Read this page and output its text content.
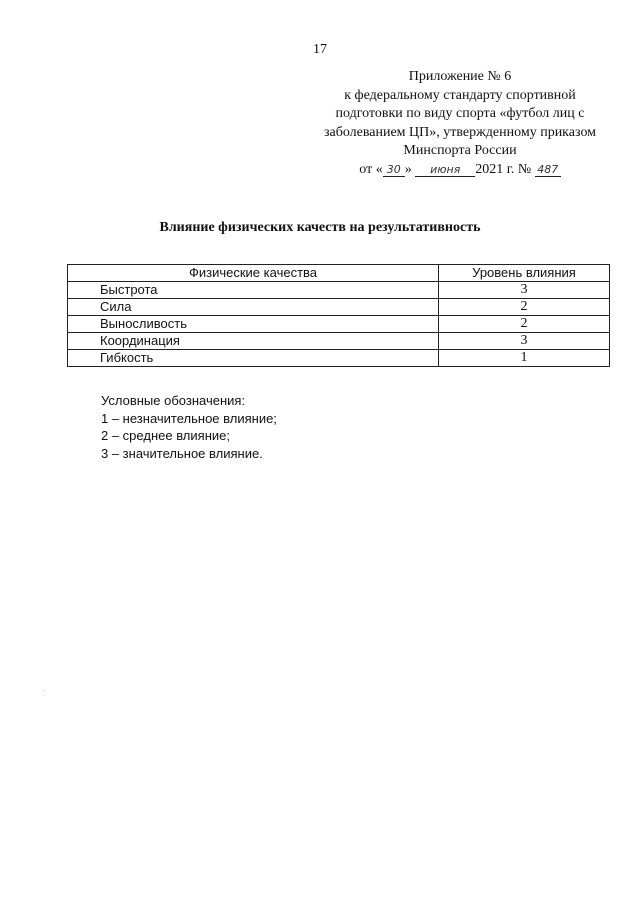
17
Приложение № 6
к федеральному стандарту спортивной
подготовки по виду спорта «футбол лиц с
заболеванием ЦП», утвержденному приказом
Минспорта России
от « 30 » июня 2021 г. № 487
Влияние физических качеств на результативность
Физические качества	Уровень влияния
Быстрота	3
Сила	2
Выносливость	2
Координация	3
Гибкость	1
Условные обозначения:
1 – незначительное влияние;
2 – среднее влияние;
3 – значительное влияние.
